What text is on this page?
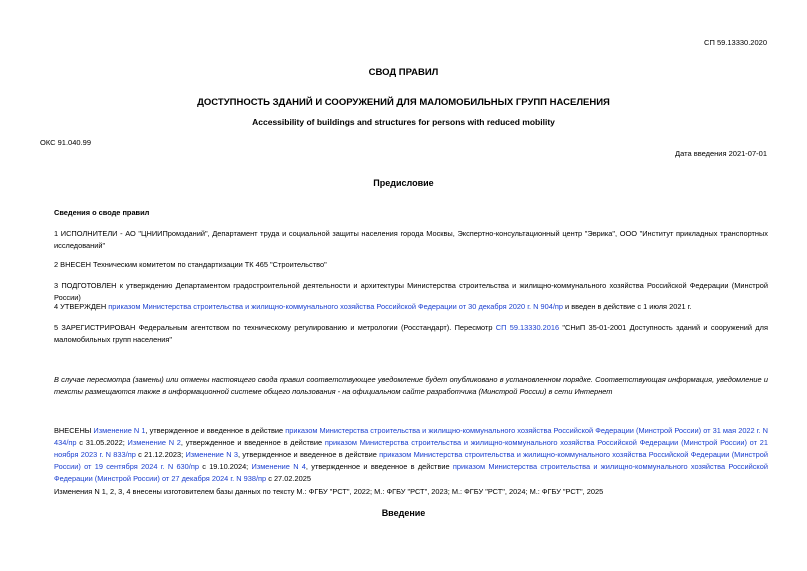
СП 59.13330.2020
СВОД ПРАВИЛ
ДОСТУПНОСТЬ ЗДАНИЙ И СООРУЖЕНИЙ ДЛЯ МАЛОМОБИЛЬНЫХ ГРУПП НАСЕЛЕНИЯ
Accessibility of buildings and structures for persons with reduced mobility
ОКС 91.040.99
Дата введения 2021-07-01
Предисловие
Сведения о своде правил
1 ИСПОЛНИТЕЛИ - АО "ЦНИИПромзданий", Департамент труда и социальной защиты населения города Москвы, Экспертно-консультационный центр "Эврика", ООО "Институт прикладных транспортных исследований"
2 ВНЕСЕН Техническим комитетом по стандартизации ТК 465 "Строительство"
3 ПОДГОТОВЛЕН к утверждению Департаментом градостроительной деятельности и архитектуры Министерства строительства и жилищно-коммунального хозяйства Российской Федерации (Минстрой России)
4 УТВЕРЖДЕН приказом Министерства строительства и жилищно-коммунального хозяйства Российской Федерации от 30 декабря 2020 г. N 904/пр и введен в действие с 1 июля 2021 г.
5 ЗАРЕГИСТРИРОВАН Федеральным агентством по техническому регулированию и метрологии (Росстандарт). Пересмотр СП 59.13330.2016 "СНиП 35-01-2001 Доступность зданий и сооружений для маломобильных групп населения"
В случае пересмотра (замены) или отмены настоящего свода правил соответствующее уведомление будет опубликовано в установленном порядке. Соответствующая информация, уведомление и тексты размещаются также в информационной системе общего пользования - на официальном сайте разработчика (Минстрой России) в сети Интернет
ВНЕСЕНЫ Изменение N 1, утвержденное и введенное в действие приказом Министерства строительства и жилищно-коммунального хозяйства Российской Федерации (Минстрой России) от 31 мая 2022 г. N 434/пр с 31.05.2022; Изменение N 2, утвержденное и введенное в действие приказом Министерства строительства и жилищно-коммунального хозяйства Российской Федерации (Минстрой России) от 21 ноября 2023 г. N 833/пр с 21.12.2023; Изменение N 3, утвержденное и введенное в действие приказом Министерства строительства и жилищно-коммунального хозяйства Российской Федерации (Минстрой России) от 19 сентября 2024 г. N 630/пр с 19.10.2024; Изменение N 4, утвержденное и введенное в действие приказом Министерства строительства и жилищно-коммунального хозяйства Российской Федерации (Минстрой России) от 27 декабря 2024 г. N 938/пр с 27.02.2025
Изменения N 1, 2, 3, 4 внесены изготовителем базы данных по тексту М.: ФГБУ "РСТ", 2022; М.: ФГБУ "РСТ", 2023; М.: ФГБУ "РСТ", 2024; М.: ФГБУ "РСТ", 2025
Введение
